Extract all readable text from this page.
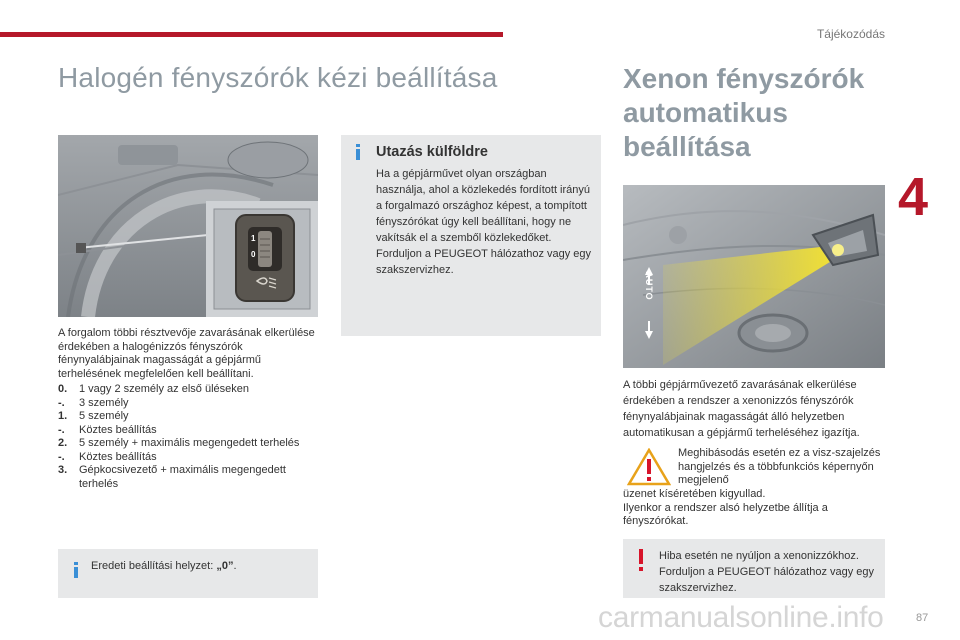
Tájékozódás
4
Halogén fényszórók kézi beállítása	Xenon fényszórók
automatikus
beállítása
1
0

A forgalom többi résztvevője zavarásának elkerülése érdekében a halogénizzós fényszórók fénynyalábjainak magasságát a gépjármű terhelésének megfelelően kell beállítani.

0.	1 vagy 2 személy az első üléseken
-.	3 személy
1.	5 személy
-.	Köztes beállítás
2.	5 személy + maximális megengedett terhelés
-.	Köztes beállítás
3.	Gépkocsivezető + maximális megengedett terhelés
Eredeti beállítási helyzet: „0”.
Utazás külföldre

Ha a gépjárművet olyan országban használja, ahol a közlekedés fordított irányú a forgalmazó országhoz képest, a tompított fényszórókat úgy kell beállítani, hogy ne vakítsák el a szemből közlekedőket.

Forduljon a PEUGEOT hálózathoz vagy egy szakszervizhez.

AUTO

A többi gépjárművezető zavarásának elkerülése érdekében a rendszer a xenonizzós fényszórók fénynyalábjainak magasságát álló helyzetben automatikusan a gépjármű terheléséhez igazítja.

Meghibásodás esetén ez a visz-szajelzés hangjelzés és a többfunkciós képernyőn megjelenő

üzenet kíséretében kigyullad.

Ilyenkor a rendszer alsó helyzetbe állítja a fényszórókat.

Hiba esetén ne nyúljon a xenonizzókhoz. Forduljon a PEUGEOT hálózathoz vagy egy szakszervizhez.

carmanualsonline.info	87
